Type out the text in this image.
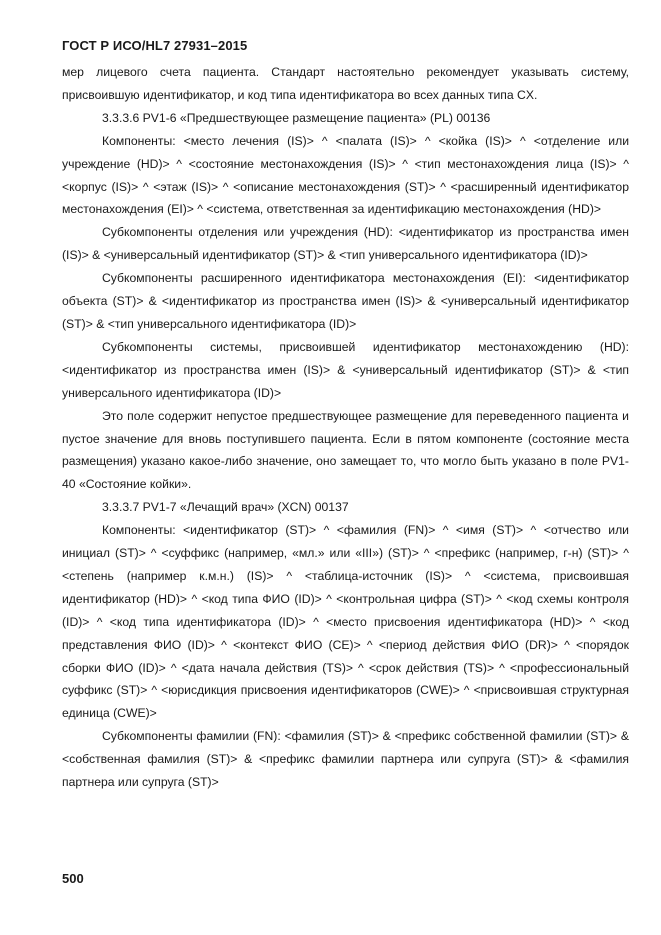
ГОСТ Р ИСО/HL7 27931–2015

мер лицевого счета пациента. Стандарт настоятельно рекомендует указывать систему, присвоившую идентификатор, и код типа идентификатора во всех данных типа CX.

3.3.3.6 PV1-6 «Предшествующее размещение пациента» (PL) 00136

Компоненты: <место лечения (IS)> ^ <палата (IS)> ^ <койка (IS)> ^ <отделение или учреждение (HD)> ^ <состояние местонахождения (IS)> ^ <тип местонахождения лица (IS)> ^ <корпус (IS)> ^ <этаж (IS)> ^ <описание местонахождения (ST)> ^ <расширенный идентификатор местонахождения (EI)> ^ <система, ответственная за идентификацию местонахождения (HD)>

Субкомпоненты отделения или учреждения (HD): <идентификатор из пространства имен (IS)> & <универсальный идентификатор (ST)> & <тип универсального идентификатора (ID)>

Субкомпоненты расширенного идентификатора местонахождения (EI): <идентификатор объекта (ST)> & <идентификатор из пространства имен (IS)> & <универсальный идентификатор (ST)> & <тип универсального идентификатора (ID)>

Субкомпоненты системы, присвоившей идентификатор местонахождению (HD): <идентификатор из пространства имен (IS)> & <универсальный идентификатор (ST)> & <тип универсального идентификатора (ID)>

Это поле содержит непустое предшествующее размещение для переведенного пациента и пустое значение для вновь поступившего пациента. Если в пятом компоненте (состояние места размещения) указано какое-либо значение, оно замещает то, что могло быть указано в поле PV1-40 «Состояние койки».

3.3.3.7 PV1-7 «Лечащий врач» (XCN) 00137

Компоненты: <идентификатор (ST)> ^ <фамилия (FN)> ^ <имя (ST)> ^ <отчество или инициал (ST)> ^ <суффикс (например, «мл.» или «III») (ST)> ^ <префикс (например, г-н) (ST)> ^ <степень (например к.м.н.) (IS)> ^ <таблица-источник (IS)> ^ <система, присвоившая идентификатор (HD)> ^ <код типа ФИО (ID)> ^ <контрольная цифра (ST)> ^ <код схемы контроля (ID)> ^ <код типа идентификатора (ID)> ^ <место присвоения идентификатора (HD)> ^ <код представления ФИО (ID)> ^ <контекст ФИО (CE)> ^ <период действия ФИО (DR)> ^ <порядок сборки ФИО (ID)> ^ <дата начала действия (TS)> ^ <срок действия (TS)> ^ <профессиональный суффикс (ST)> ^ <юрисдикция присвоения идентификаторов (CWE)> ^ <присвоившая структурная единица (CWE)>

Субкомпоненты фамилии (FN): <фамилия (ST)> & <префикс собственной фамилии (ST)> & <собственная фамилия (ST)> & <префикс фамилии партнера или супруга (ST)> & <фамилия партнера или супруга (ST)>

500
